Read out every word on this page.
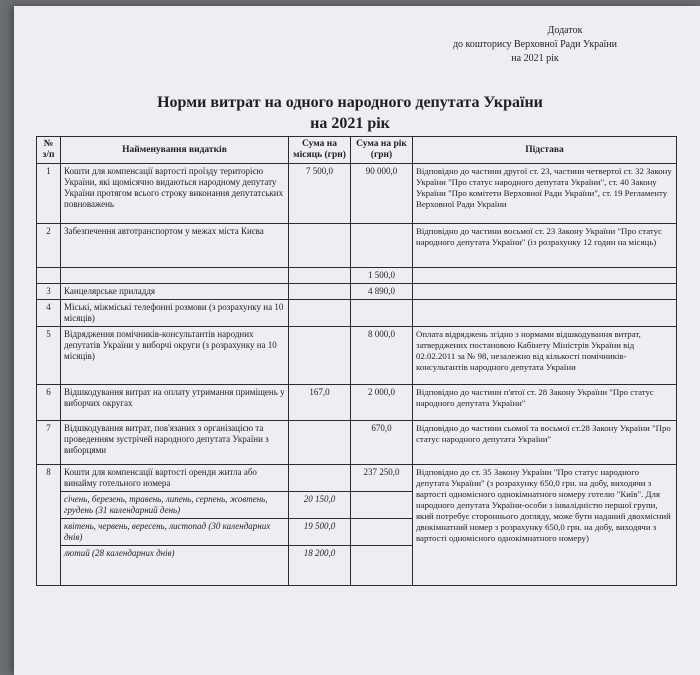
Додаток
до кошторису Верховної Ради України
на 2021 рік
Норми витрат на одного народного депутата України
на 2021 рік
№ з/п	Найменування видатків	Сума на місяць (грн)	Сума на рік (грн)	Підстава
1	Кошти для компенсації вартості проїзду територією України, які щомісячно видаються народному депутату України протягом всього строку виконання депутатських повноважень	7 500,0	90 000,0	Відповідно до частини другої ст. 23, частини четвертої ст. 32 Закону України "Про статус народного депутата України", ст. 40 Закону України "Про комітети Верховної Ради України", ст. 19 Регламенту Верховної Ради України
2	Забезпечення автотранспортом у межах міста Києва			Відповідно до частини восьмої ст. 23 Закону України "Про статус народного депутата України" (із розрахунку 12 годин на місяць)
			1 500,0	
3	Канцелярське приладдя		4 890,0	
4	Міські, міжміські телефонні розмови (з розрахунку на 10 місяців)			
5	Відрядження помічників-консультантів народних депутатів України у виборчі округи (з розрахунку на 10 місяців)		8 000,0	Оплата відряджень згідно з нормами відшкодування витрат, затверджених постановою Кабінету Міністрів України від 02.02.2011 за № 98, незалежно від кількості помічників-консультантів народного депутата України
6	Відшкодування витрат на оплату утримання приміщень у виборчих округах	167,0	2 000,0	Відповідно до частини п'ятої ст. 28 Закону України "Про статус народного депутата України"
7	Відшкодування витрат, пов'язаних з організацією та проведенням зустрічей народного депутата України з виборцями		670,0	Відповідно до частини сьомої та восьмої ст.28 Закону України "Про статус народного депутата України"
8	Кошти для компенсації вартості оренди житла або винайму готельного номера		237 250,0	Відповідно до ст. 35 Закону України "Про статус народного депутата України" (з розрахунку 650,0 грн. на добу, виходячи з вартості одномісного однокімнатного номеру готелю "Київ". Для народного депутата України-особи з інвалідністю першої групи, який потребує стороннього догляду, може бути наданий двохмісний двокімнатний номер з розрахунку 650,0 грн. на добу, виходячи з вартості одномісного однокімнатного номеру)
	січень, березень, травень, липень, серпень, жовтень, грудень (31 календарний день)	20 150,0		
	квітень, червень, вересень, листопад (30 календарних днів)	19 500,0		
	лютий (28 календарних днів)	18 200,0		
